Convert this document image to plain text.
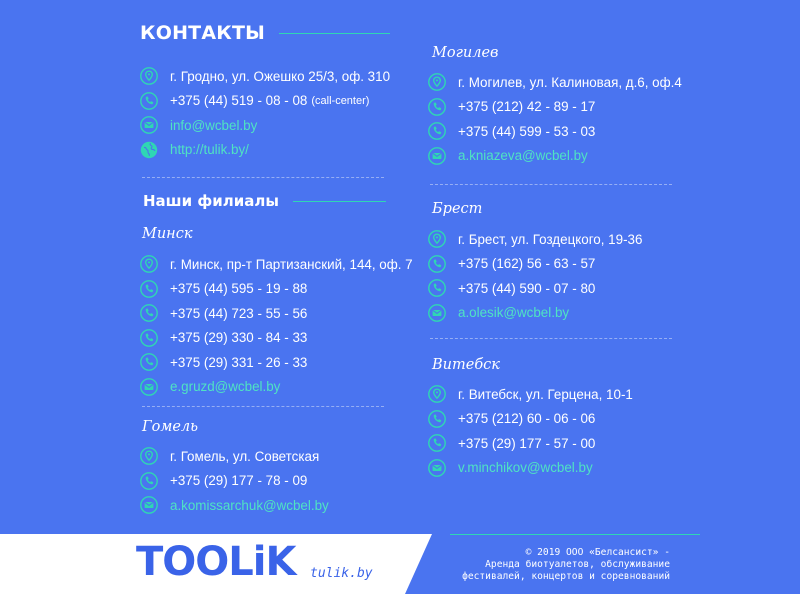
КОНТАКТЫ
г. Гродно, ул. Ожешко 25/3, оф. 310
+375 (44) 519 - 08 - 08 (call-center)
info@wcbel.by
http://tulik.by/
Наши филиалы
Минск
г. Минск, пр-т Партизанский, 144, оф. 7
+375 (44) 595 - 19 - 88
+375 (44) 723 - 55 - 56
+375 (29) 330 - 84 - 33
+375 (29) 331 - 26 - 33
e.gruzd@wcbel.by
Гомель
г. Гомель, ул. Советская
+375 (29) 177 - 78 - 09
a.komissarchuk@wcbel.by
Могилев
г. Могилев, ул. Калиновая, д.6, оф.4
+375 (212) 42 - 89 - 17
+375 (44) 599 - 53 - 03
a.kniazeva@wcbel.by
Брест
г. Брест, ул. Гоздецкого, 19-36
+375 (162) 56 - 63 - 57
+375 (44) 590 - 07 - 80
a.olesik@wcbel.by
Витебск
г. Витебск, ул. Герцена, 10-1
+375 (212) 60 - 06 - 06
+375 (29) 177 - 57 - 00
v.minchikov@wcbel.by
TOOLiK tulik.by
© 2019 ООО «Белсансист» -
Аренда биотуалетов, обслуживание
фестивалей, концертов и соревнований
